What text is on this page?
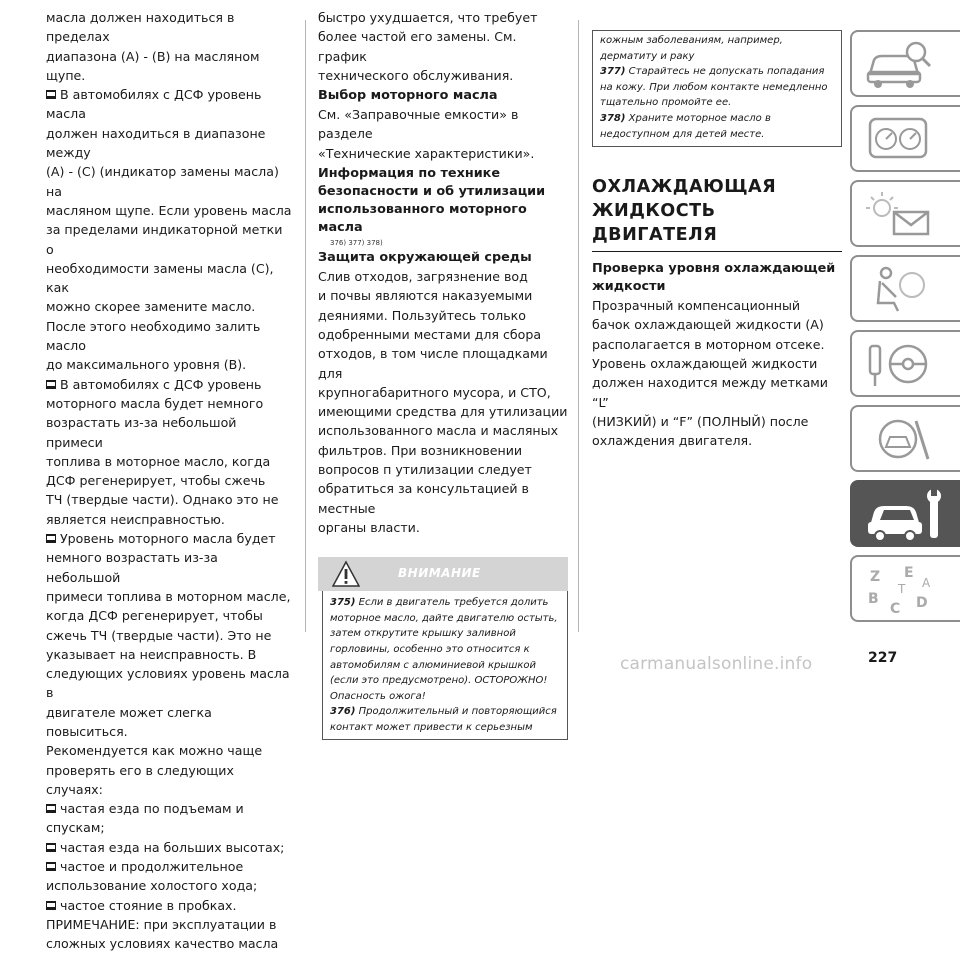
масла должен находиться в пределах

диапазона (A) - (B) на масляном щупе.

В автомобилях с ДСФ уровень масла

должен находиться в диапазоне между

(A) - (C) (индикатор замены масла) на

масляном щупе. Если уровень масла

за пределами индикаторной метки о

необходимости замены масла (C), как

можно скорее замените масло.

После этого необходимо залить масло

до максимального уровня (B).

В автомобилях с ДСФ уровень

моторного масла будет немного

возрастать из-за небольшой примеси

топлива в моторное масло, когда

ДСФ регенерирует, чтобы сжечь

ТЧ (твердые части). Однако это не

является неисправностью.

Уровень моторного масла будет

немного возрастать из-за небольшой

примеси топлива в моторном масле,

когда ДСФ регенерирует, чтобы

сжечь ТЧ (твердые части). Это не

указывает на неисправность. В

следующих условиях уровень масла в

двигателе может слегка повыситься.

Рекомендуется как можно чаще

проверять его в следующих случаях:

частая езда по подъемам и спускам;

частая езда на больших высотах;

частое и продолжительное

использование холостого хода;

частое стояние в пробках.

ПРИМЕЧАНИЕ: при эксплуатации в

сложных условиях качество масла

быстро ухудшается, что требует

более частой его замены. См. график

технического обслуживания.

Выбор моторного масла

См. «Заправочные емкости» в разделе

«Технические характеристики».

Информация по технике

безопасности и об утилизации

использованного моторного масла

376) 377) 378)

Защита окружающей среды

Слив отходов, загрязнение вод

и почвы являются наказуемыми

деяниями. Пользуйтесь только

одобренными местами для сбора

отходов, в том числе площадками для

крупногабаритного мусора, и СТО,

имеющими средства для утилизации

использованного масла и масляных

фильтров. При возникновении

вопросов п утилизации следует

обратиться за консультацией в местные

органы власти.

ВНИМАНИЕ

375) Если в двигатель требуется долить

моторное масло, дайте двигателю остыть,

затем открутите крышку заливной

горловины, особенно это относится к

автомобилям с алюминиевой крышкой

(если это предусмотрено). ОСТОРОЖНО!

Опасность ожога!

376) Продолжительный и повторяющийся

контакт может привести к серьезным

кожным заболеваниям, например,

дерматиту и раку

377) Старайтесь не допускать попадания

на кожу. При любом контакте немедленно

тщательно промойте ее.

378) Храните моторное масло в

недоступном для детей месте.

ОХЛАЖДАЮЩАЯ
ЖИДКОСТЬ ДВИГАТЕЛЯ

Проверка уровня охлаждающей

жидкости

Прозрачный компенсационный

бачок охлаждающей жидкости (A)

располагается в моторном отсеке.

Уровень охлаждающей жидкости

должен находится между метками “L”

(НИЗКИЙ) и “F” (ПОЛНЫЙ) после

охлаждения двигателя.

Z E
B
C D
T A
227
carmanualsonline.info
